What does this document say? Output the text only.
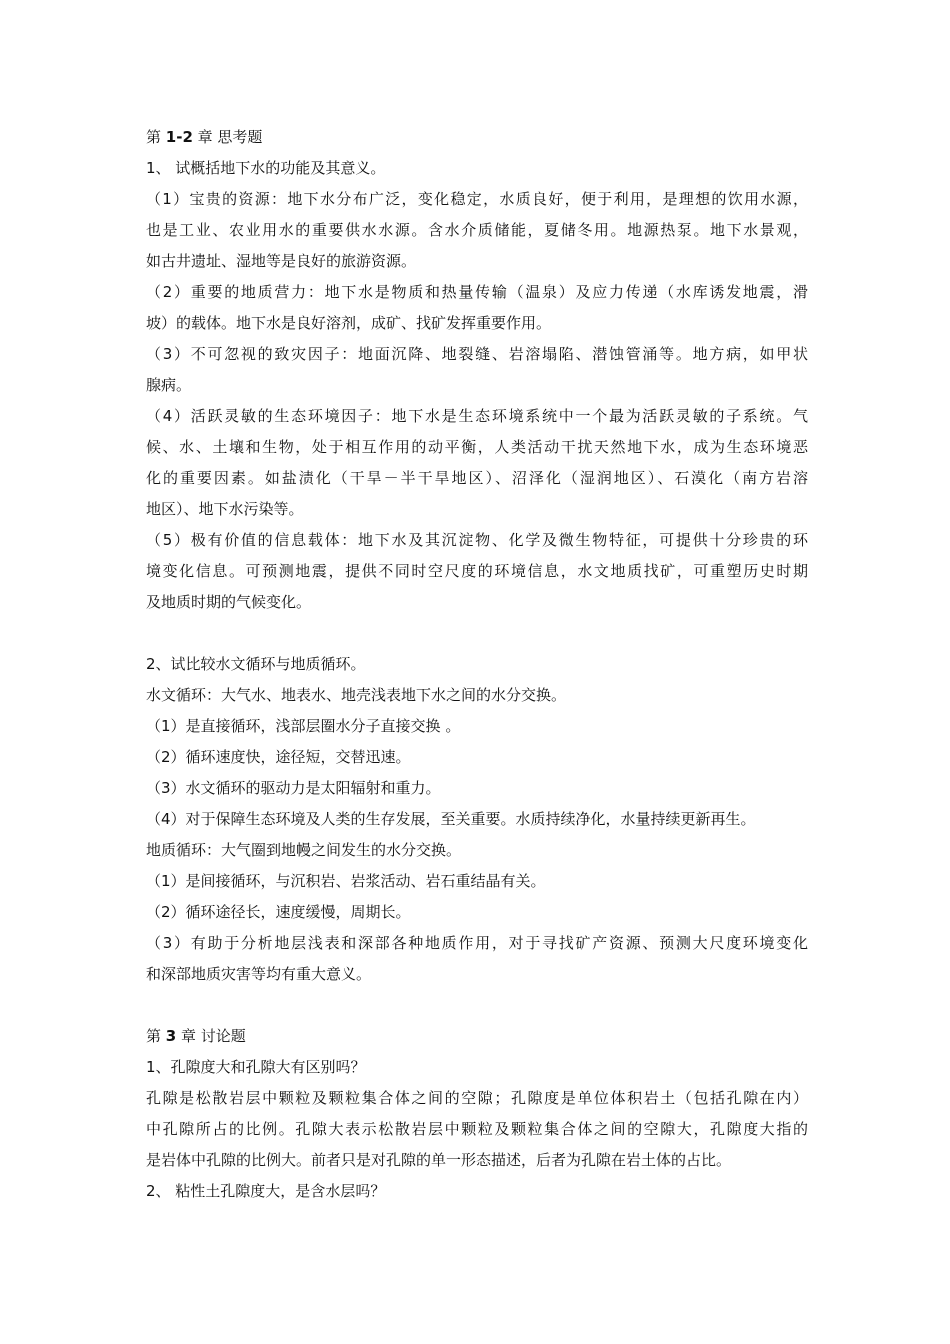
第 1-2 章 思考题
1、 试概括地下水的功能及其意义。
（1）宝贵的资源：地下水分布广泛，变化稳定，水质良好，便于利用，是理想的饮用水源，
也是工业、农业用水的重要供水水源。含水介质储能，夏储冬用。地源热泵。地下水景观，
如古井遗址、湿地等是良好的旅游资源。
（2）重要的地质营力：地下水是物质和热量传输（温泉）及应力传递（水库诱发地震，滑
坡）的载体。地下水是良好溶剂，成矿、找矿发挥重要作用。
（3）不可忽视的致灾因子：地面沉降、地裂缝、岩溶塌陷、潜蚀管涌等。地方病，如甲状
腺病。
（4）活跃灵敏的生态环境因子：地下水是生态环境系统中一个最为活跃灵敏的子系统。气
候、水、土壤和生物，处于相互作用的动平衡，人类活动干扰天然地下水，成为生态环境恶
化的重要因素。如盐渍化（干旱－半干旱地区）、沼泽化（湿润地区）、石漠化（南方岩溶
地区）、地下水污染等。
（5）极有价值的信息载体：地下水及其沉淀物、化学及微生物特征，可提供十分珍贵的环
境变化信息。可预测地震，提供不同时空尺度的环境信息，水文地质找矿，可重塑历史时期
及地质时期的气候变化。
2、试比较水文循环与地质循环。
水文循环：大气水、地表水、地壳浅表地下水之间的水分交换。
（1）是直接循环，浅部层圈水分子直接交换 。
（2）循环速度快，途径短，交替迅速。
（3）水文循环的驱动力是太阳辐射和重力。
（4）对于保障生态环境及人类的生存发展，至关重要。水质持续净化，水量持续更新再生。
地质循环：大气圈到地幔之间发生的水分交换。
（1）是间接循环，与沉积岩、岩浆活动、岩石重结晶有关。
（2）循环途径长，速度缓慢，周期长。
（3）有助于分析地层浅表和深部各种地质作用，对于寻找矿产资源、预测大尺度环境变化
和深部地质灾害等均有重大意义。
第 3 章 讨论题
1、孔隙度大和孔隙大有区别吗？
孔隙是松散岩层中颗粒及颗粒集合体之间的空隙；孔隙度是单位体积岩土（包括孔隙在内）
中孔隙所占的比例。孔隙大表示松散岩层中颗粒及颗粒集合体之间的空隙大，孔隙度大指的
是岩体中孔隙的比例大。前者只是对孔隙的单一形态描述，后者为孔隙在岩土体的占比。
2、 粘性土孔隙度大，是含水层吗？
